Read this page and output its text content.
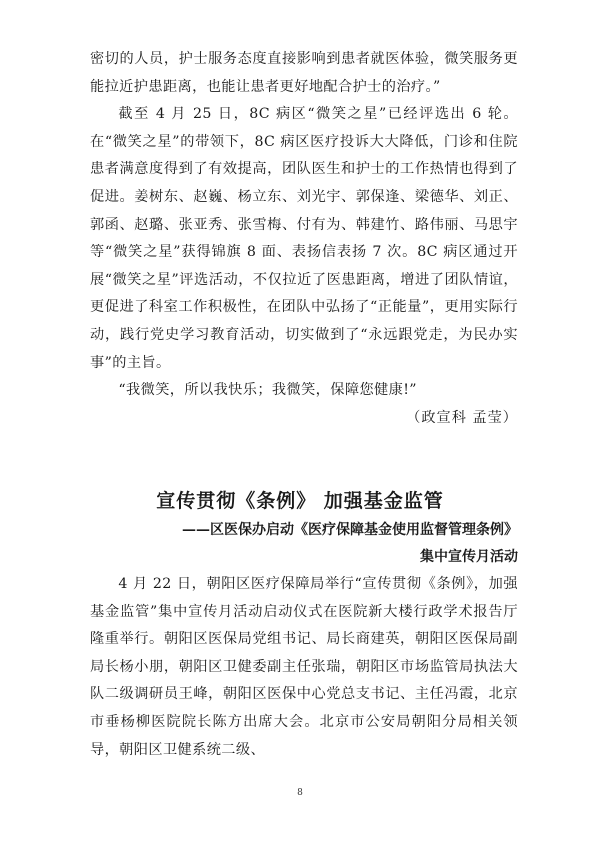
密切的人员，护士服务态度直接影响到患者就医体验，微笑服务更能拉近护患距离，也能让患者更好地配合护士的治疗。”

截至 4 月 25 日，8C 病区“微笑之星”已经评选出 6 轮。在“微笑之星”的带领下，8C 病区医疗投诉大大降低，门诊和住院患者满意度得到了有效提高，团队医生和护士的工作热情也得到了促进。姜树东、赵巍、杨立东、刘光宇、郭保逢、梁德华、刘正、郭函、赵璐、张亚秀、张雪梅、付有为、韩建竹、路伟丽、马思宇等“微笑之星”获得锦旗 8 面、表扬信表扬 7 次。8C 病区通过开展“微笑之星”评选活动，不仅拉近了医患距离，增进了团队情谊，更促进了科室工作积极性，在团队中弘扬了“正能量”，更用实际行动，践行党史学习教育活动，切实做到了“永远跟党走，为民办实事”的主旨。

“我微笑，所以我快乐；我微笑，保障您健康!”

（政宣科 孟莹）

宣传贯彻《条例》 加强基金监管

——区医保办启动《医疗保障基金使用监督管理条例》

集中宣传月活动

4 月 22 日，朝阳区医疗保障局举行“宣传贯彻《条例》，加强基金监管”集中宣传月活动启动仪式在医院新大楼行政学术报告厅隆重举行。朝阳区医保局党组书记、局长商建英，朝阳区医保局副局长杨小朋，朝阳区卫健委副主任张瑞，朝阳区市场监管局执法大队二级调研员王峰，朝阳区医保中心党总支书记、主任冯霞，北京市垂杨柳医院院长陈方出席大会。北京市公安局朝阳分局相关领导，朝阳区卫健系统二级、

8
